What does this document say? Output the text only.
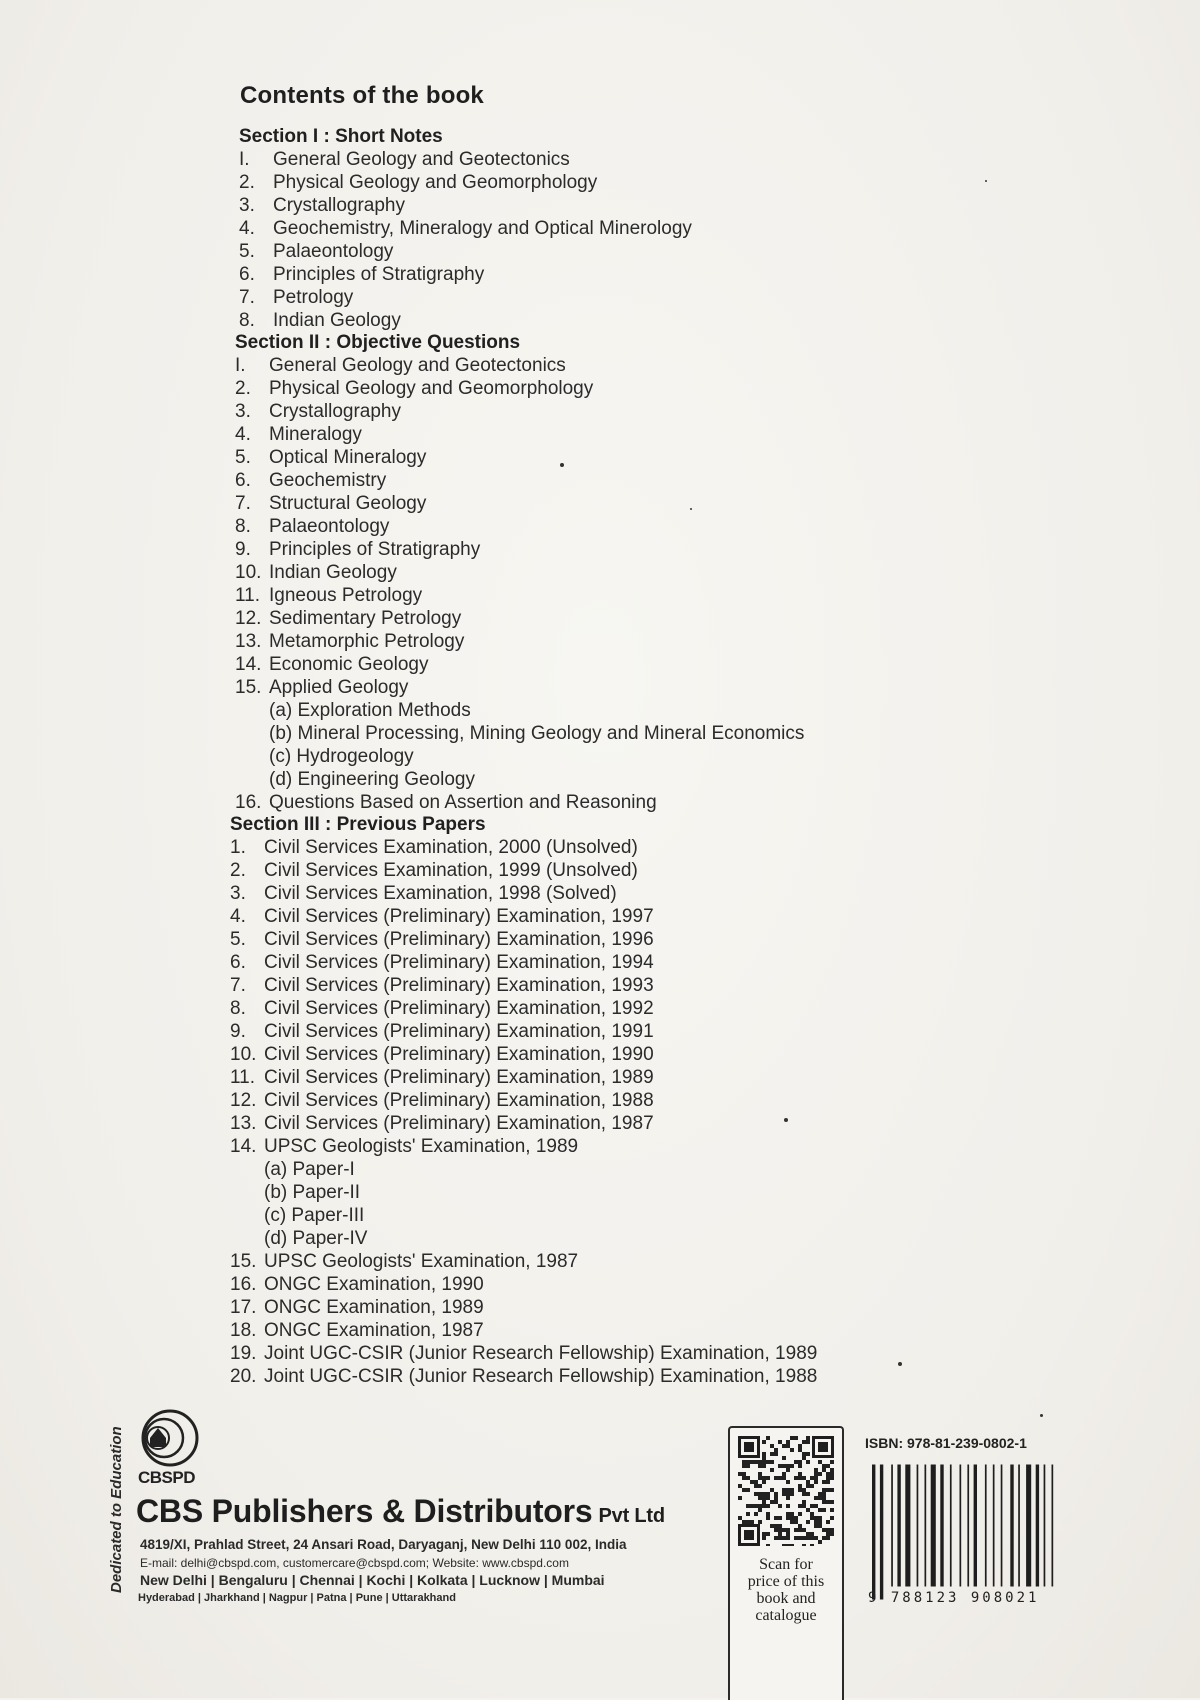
Contents of the book
Section I : Short Notes
I.	General Geology and Geotectonics
2. Physical Geology and Geomorphology
3. Crystallography
4. Geochemistry, Mineralogy and Optical Minerology
5. Palaeontology
6. Principles of Stratigraphy
7. Petrology
8. Indian Geology
Section II : Objective Questions
I.	General Geology and Geotectonics
2. Physical Geology and Geomorphology
3. Crystallography
4. Mineralogy
5. Optical Mineralogy
6. Geochemistry
7. Structural Geology
8. Palaeontology
9. Principles of Stratigraphy
10. Indian Geology
11. Igneous Petrology
12. Sedimentary Petrology
13. Metamorphic Petrology
14. Economic Geology
15. Applied Geology
(a) Exploration Methods
(b) Mineral Processing, Mining Geology and Mineral Economics
(c) Hydrogeology
(d) Engineering Geology
16. Questions Based on Assertion and Reasoning
Section III : Previous Papers
1. Civil Services Examination, 2000 (Unsolved)
2. Civil Services Examination, 1999 (Unsolved)
3. Civil Services Examination, 1998 (Solved)
4. Civil Services (Preliminary) Examination, 1997
5. Civil Services (Preliminary) Examination, 1996
6. Civil Services (Preliminary) Examination, 1994
7. Civil Services (Preliminary) Examination, 1993
8. Civil Services (Preliminary) Examination, 1992
9. Civil Services (Preliminary) Examination, 1991
10. Civil Services (Preliminary) Examination, 1990
11. Civil Services (Preliminary) Examination, 1989
12. Civil Services (Preliminary) Examination, 1988
13. Civil Services (Preliminary) Examination, 1987
14. UPSC Geologists' Examination, 1989
(a) Paper-I
(b) Paper-II
(c) Paper-III
(d) Paper-IV
15. UPSC Geologists' Examination, 1987
16. ONGC Examination, 1990
17. ONGC Examination, 1989
18. ONGC Examination, 1987
19. Joint UGC-CSIR (Junior Research Fellowship) Examination, 1989
20. Joint UGC-CSIR (Junior Research Fellowship) Examination, 1988
Dedicated to Education CBSPD
CBS Publishers & Distributors Pvt Ltd
4819/XI, Prahlad Street, 24 Ansari Road, Daryaganj, New Delhi 110 002, India
E-mail: delhi@cbspd.com, customercare@cbspd.com; Website: www.cbspd.com
New Delhi | Bengaluru | Chennai | Kochi | Kolkata | Lucknow | Mumbai
Hyderabad | Jharkhand | Nagpur | Patna | Pune | Uttarakhand
Scan for
price of this
book and
catalogue
ISBN: 978-81-239-0802-1
9 788123 908021
